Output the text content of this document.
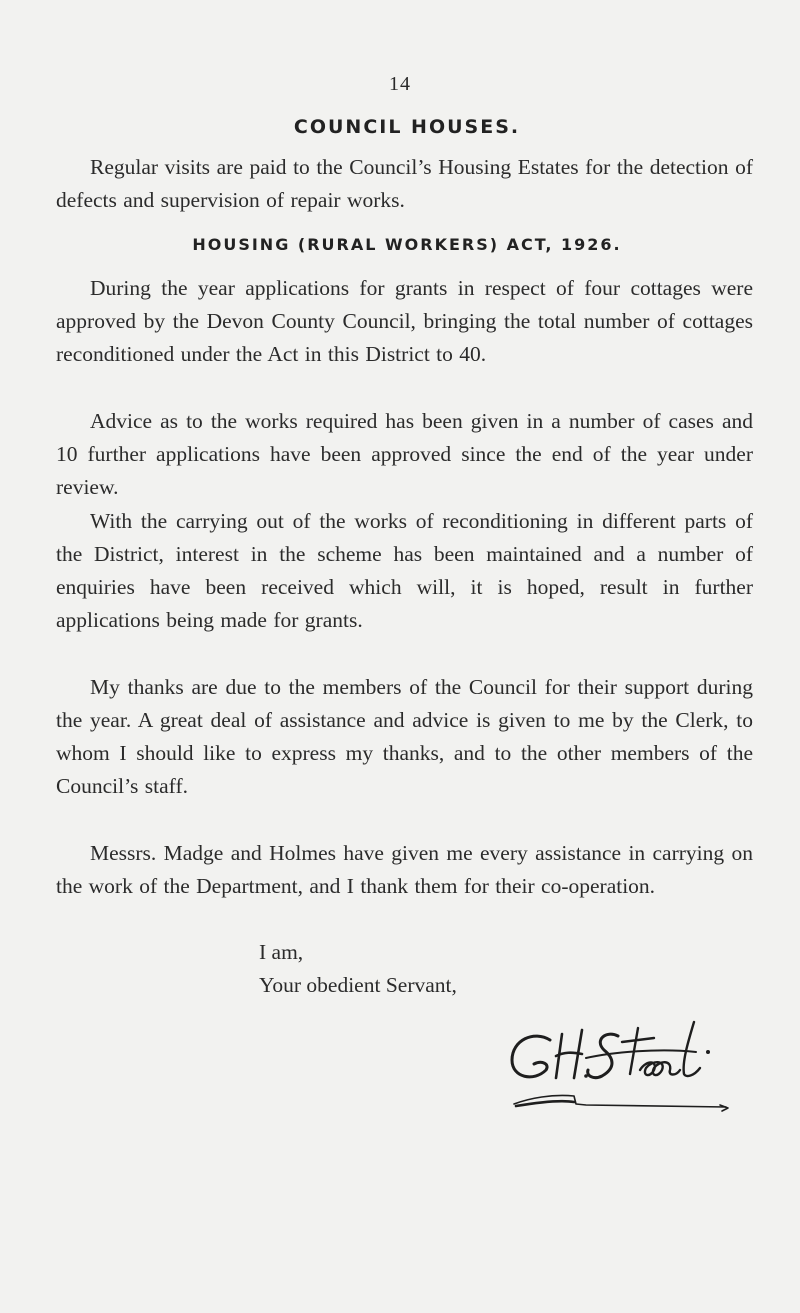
14
COUNCIL HOUSES.

Regular visits are paid to the Council’s Housing Estates for the detection of defects and supervision of repair works.

HOUSING (RURAL WORKERS) ACT, 1926.

During the year applications for grants in respect of four cottages were approved by the Devon County Council, bringing the total number of cottages reconditioned under the Act in this District to 40.

Advice as to the works required has been given in a number of cases and 10 further applications have been approved since the end of the year under review.

With the carrying out of the works of reconditioning in different parts of the District, interest in the scheme has been maintained and a number of enquiries have been received which will, it is hoped, result in further applications being made for grants.

My thanks are due to the members of the Council for their support during the year. A great deal of assistance and advice is given to me by the Clerk, to whom I should like to express my thanks, and to the other members of the Council’s staff.

Messrs. Madge and Holmes have given me every assistance in carrying on the work of the Department, and I thank them for their co-operation.

I am,
Your obedient Servant,
